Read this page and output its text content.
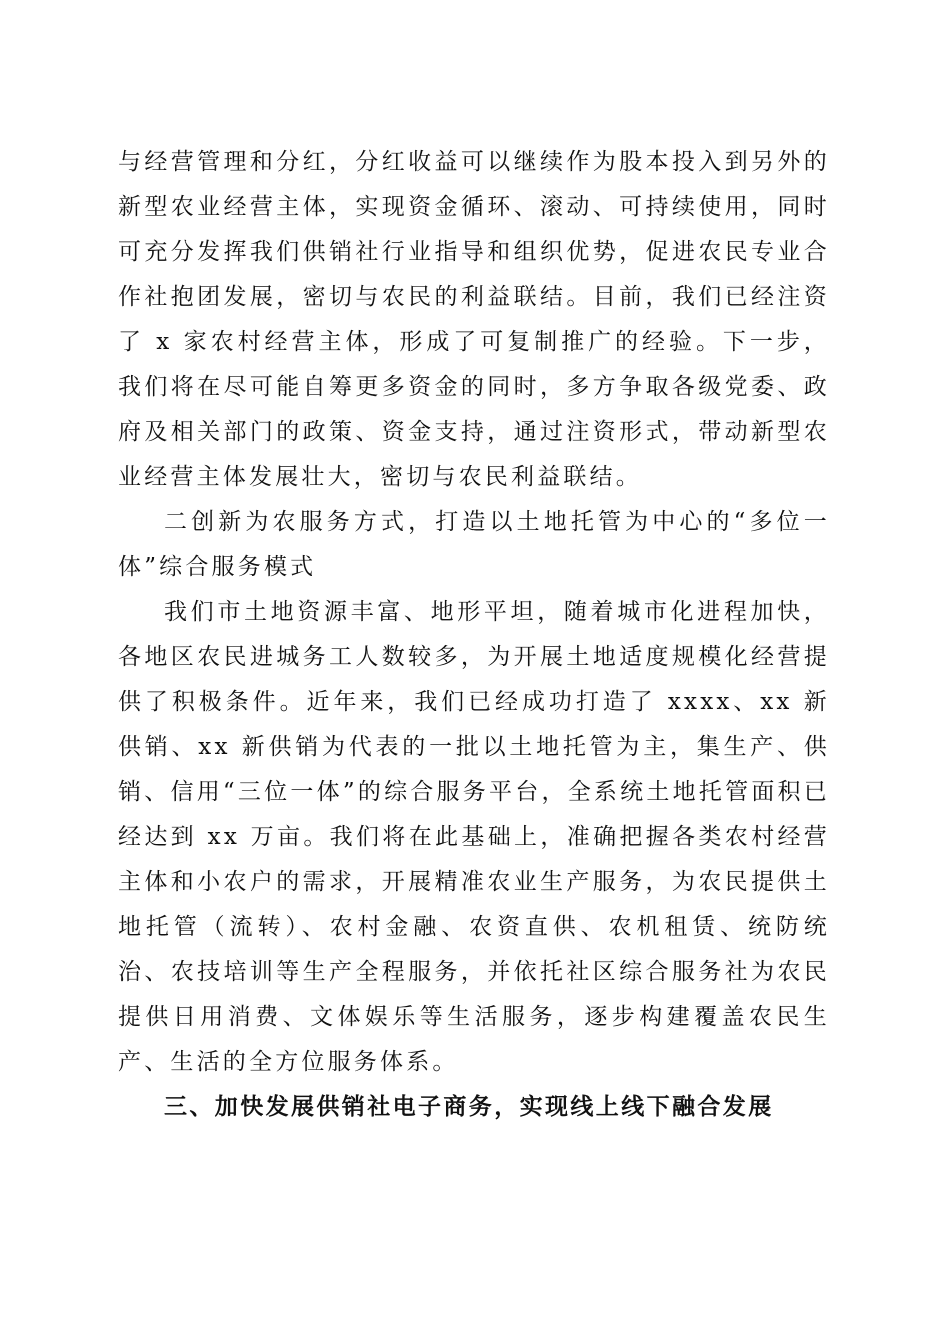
与经营管理和分红，分红收益可以继续作为股本投入到另外的新型农业经营主体，实现资金循环、滚动、可持续使用，同时可充分发挥我们供销社行业指导和组织优势，促进农民专业合作社抱团发展，密切与农民的利益联结。目前，我们已经注资了 x 家农村经营主体，形成了可复制推广的经验。下一步，我们将在尽可能自筹更多资金的同时，多方争取各级党委、政府及相关部门的政策、资金支持，通过注资形式，带动新型农业经营主体发展壮大，密切与农民利益联结。

二创新为农服务方式，打造以土地托管为中心的“多位一体”综合服务模式

我们市土地资源丰富、地形平坦，随着城市化进程加快，各地区农民进城务工人数较多，为开展土地适度规模化经营提供了积极条件。近年来，我们已经成功打造了 xxxx、xx 新供销、xx 新供销为代表的一批以土地托管为主，集生产、供销、信用“三位一体”的综合服务平台，全系统土地托管面积已经达到 xx 万亩。我们将在此基础上，准确把握各类农村经营主体和小农户的需求，开展精准农业生产服务，为农民提供土地托管（流转）、农村金融、农资直供、农机租赁、统防统治、农技培训等生产全程服务，并依托社区综合服务社为农民提供日用消费、文体娱乐等生活服务，逐步构建覆盖农民生产、生活的全方位服务体系。

三、加快发展供销社电子商务，实现线上线下融合发展
